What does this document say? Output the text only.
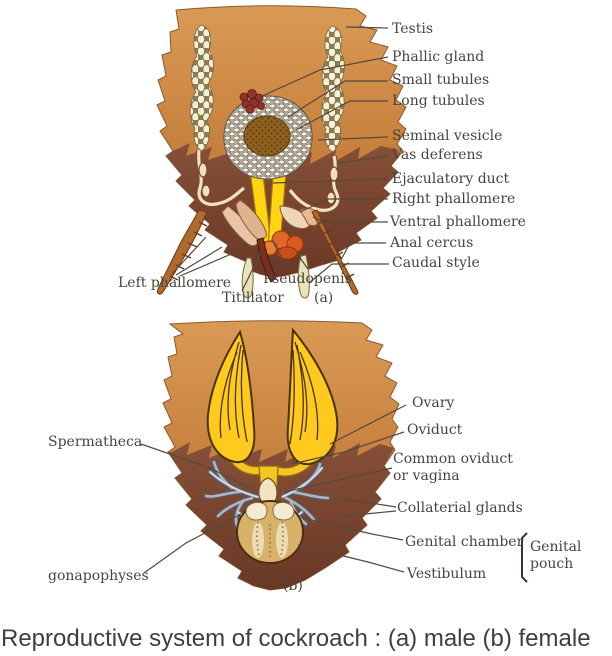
Testis
Phallic gland
Small tubules
Long tubules
Seminal vesicle
Vas deferens
Ejaculatory duct
Right phallomere
Ventral phallomere
Anal cercus
Caudal style
Left phallomere
Titillator
Pseudopenis
(a)
Spermatheca
Ovary
Oviduct
Common oviduct
or vagina
Collaterial glands
Genital chamber Genital
pouch
Vestibulum
gonapophyses
(b)
Reproductive system of cockroach : (a) male (b) female
